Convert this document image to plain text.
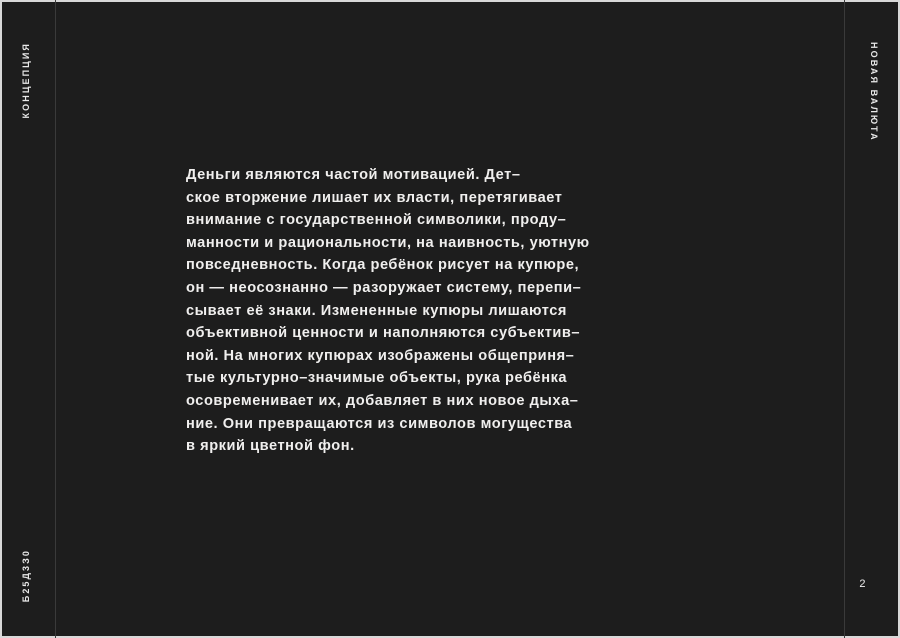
КОНЦЕПЦИЯ
Б25Д3З0
НОВАЯ ВАЛЮТА
Деньги являются частой мотивацией. Дет–
ское вторжение лишает их власти, перетягивает
внимание с государственной символики, проду–
манности и рациональности, на наивность, уютную
повседневность. Когда ребёнок рисует на купюре,
он — неосознанно — разоружает систему, перепи–
сывает её знаки. Измененные купюры лишаются
объективной ценности и наполняются субъектив–
ной. На многих купюрах изображены общеприня–
тые культурно–значимые объекты, рука ребёнка
осовременивает их, добавляет в них новое дыха–
ние. Они превращаются из символов могущества
в яркий цветной фон.
2
